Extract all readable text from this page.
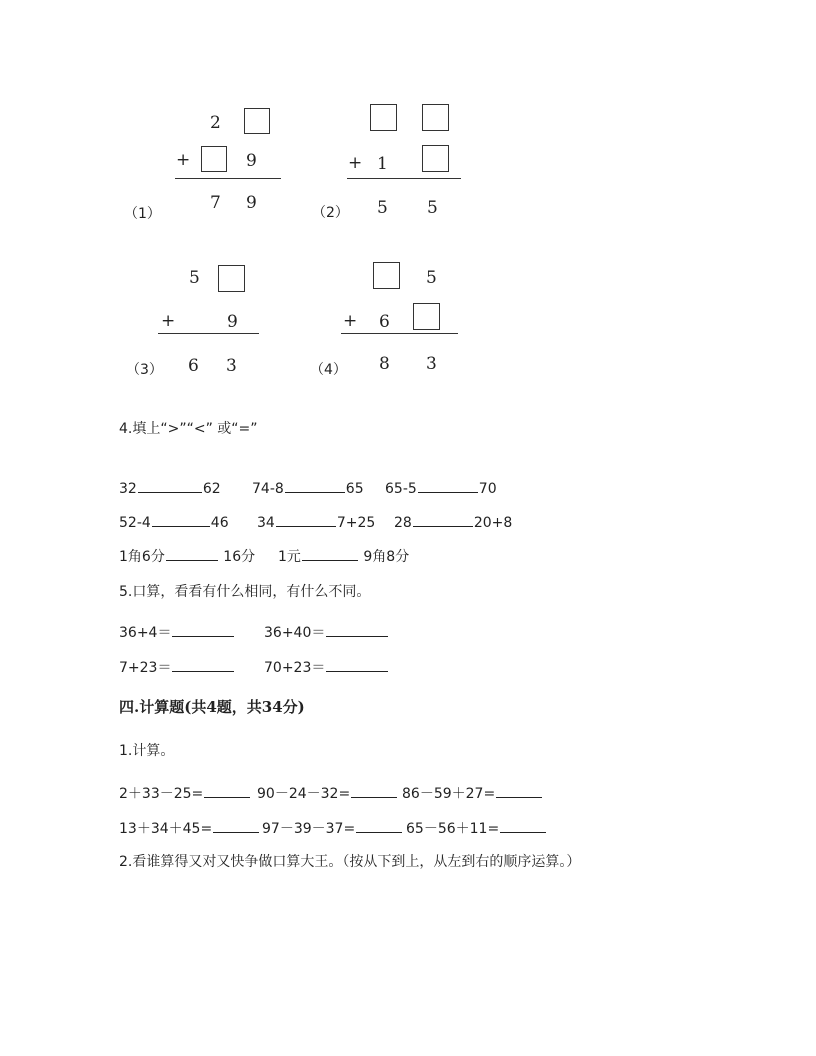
2
+	9
7 9
（1）
+ 1
5 5
（2）
5
+	9
6 3
（3）
5
+ 6
8 3
（4）
4.填上“>”“<” 或“=”
32	62 74-8	65 65-5	70
52-4	46 34	7+25 28	20+8
1角6分	16分 1元	9角8分
5.口算，看看有什么相同，有什么不同。
36+4＝	36+40＝
7+23＝	70+23＝
四.计算题(共4题，共34分)
1.计算。
2＋33－25=	90－24－32=	86－59＋27=
13＋34＋45=	97－39－37=	65－56＋11=
2.看谁算得又对又快争做口算大王。（按从下到上，从左到右的顺序运算。）
